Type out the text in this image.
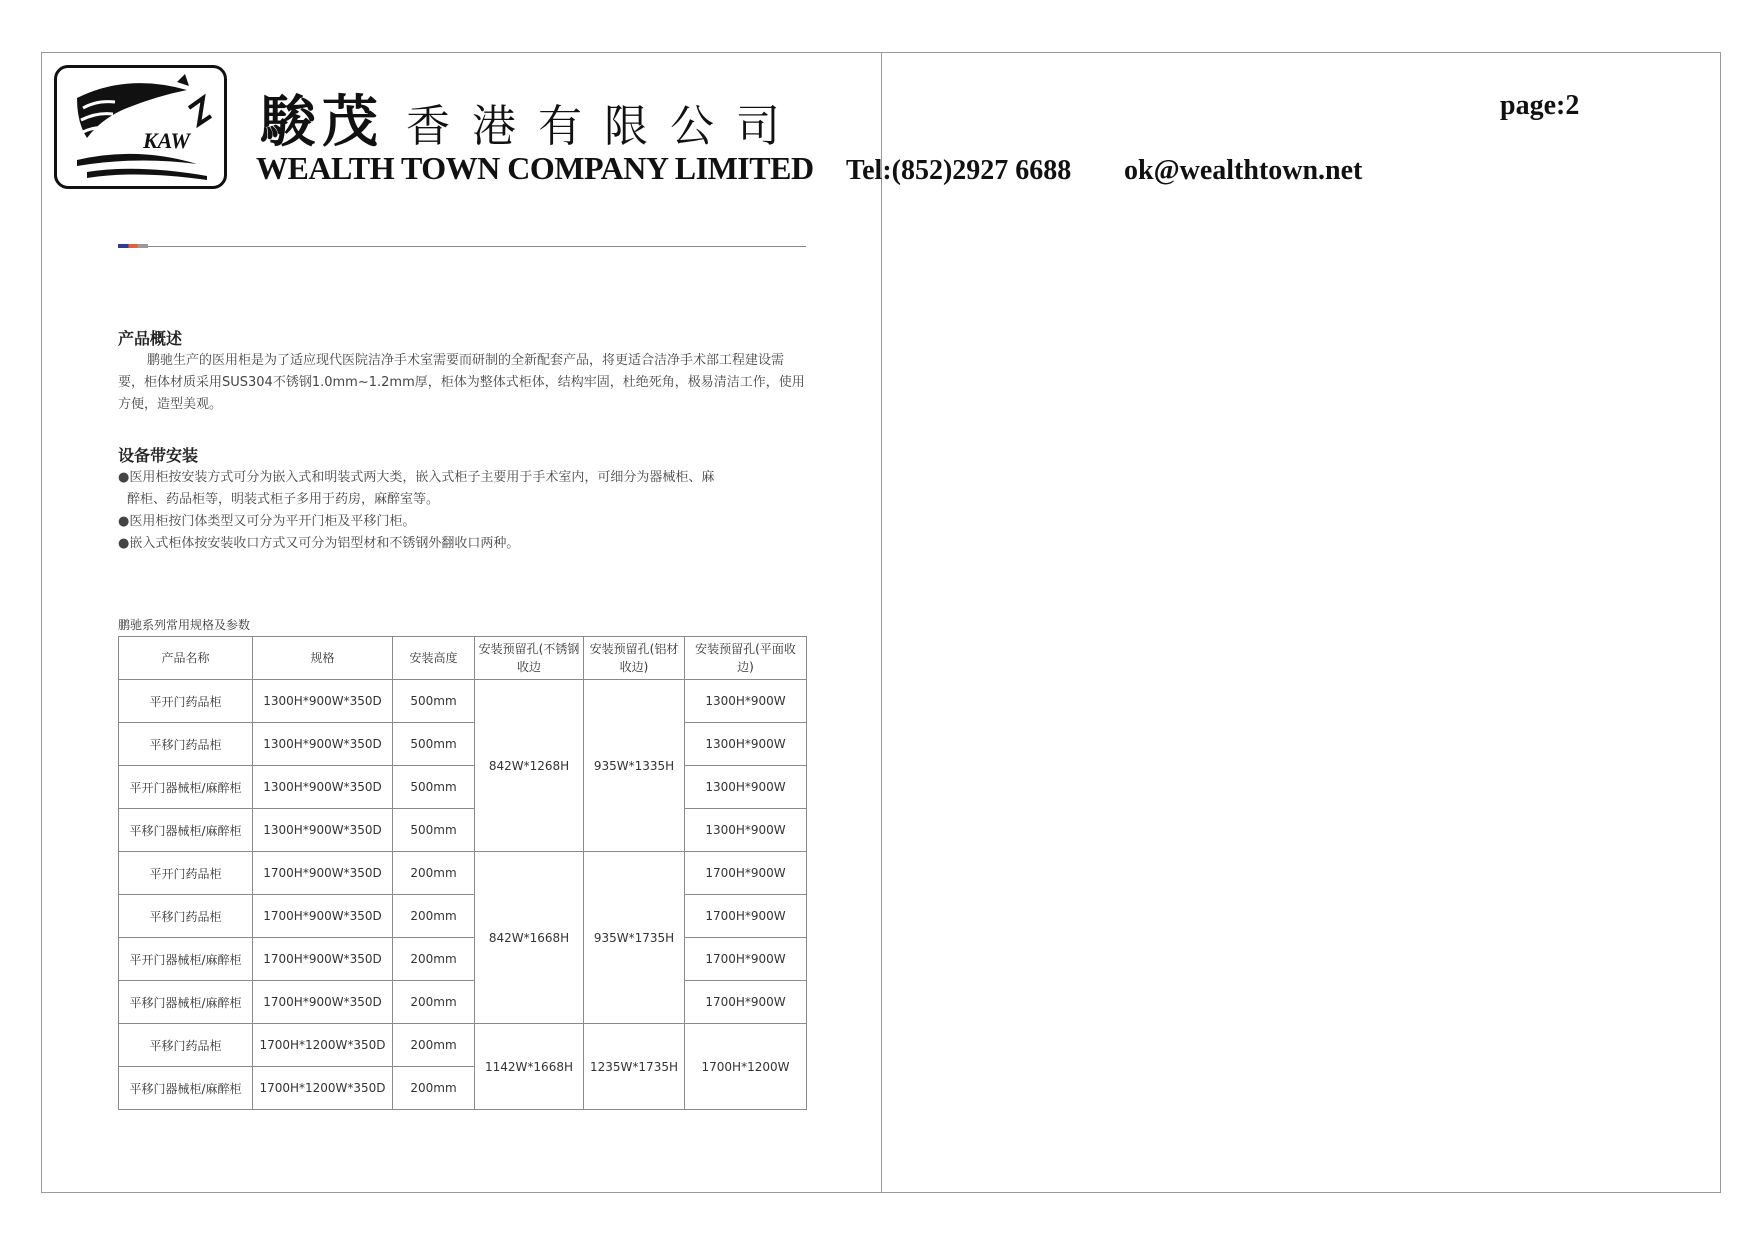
KAW 駿茂 香港有限公司
WEALTH TOWN COMPANY LIMITED Tel:(852)2927 6688 ok@wealthtown.net
page:2
产品概述

鹏驰生产的医用柜是为了适应现代医院洁净手术室需要而研制的全新配套产品，将更适合洁净手术部工程建设需要，柜体材质采用SUS304不锈钢1.0mm~1.2mm厚，柜体为整体式柜体，结构牢固，杜绝死角，极易清洁工作，使用方便，造型美观。

设备带安装

●医用柜按安装方式可分为嵌入式和明装式两大类，嵌入式柜子主要用于手术室内，可细分为器械柜、麻

醉柜、药品柜等，明装式柜子多用于药房，麻醉室等。

●医用柜按门体类型又可分为平开门柜及平移门柜。

●嵌入式柜体按安装收口方式又可分为铝型材和不锈钢外翻收口两种。

鹏驰系列常用规格及参数
产品名称	规格	安装高度	安装预留孔(不锈钢收边	安装预留孔(铝材收边)	安装预留孔(平面收边)
平开门药品柜	1300H*900W*350D	500mm	842W*1268H	935W*1335H	1300H*900W
平移门药品柜	1300H*900W*350D	500mm			1300H*900W
平开门器械柜/麻醉柜	1300H*900W*350D	500mm			1300H*900W
平移门器械柜/麻醉柜	1300H*900W*350D	500mm			1300H*900W
平开门药品柜	1700H*900W*350D	200mm	842W*1668H	935W*1735H	1700H*900W
平移门药品柜	1700H*900W*350D	200mm			1700H*900W
平开门器械柜/麻醉柜	1700H*900W*350D	200mm			1700H*900W
平移门器械柜/麻醉柜	1700H*900W*350D	200mm			1700H*900W
平移门药品柜	1700H*1200W*350D	200mm	1142W*1668H	1235W*1735H	1700H*1200W
平移门器械柜/麻醉柜	1700H*1200W*350D	200mm			
